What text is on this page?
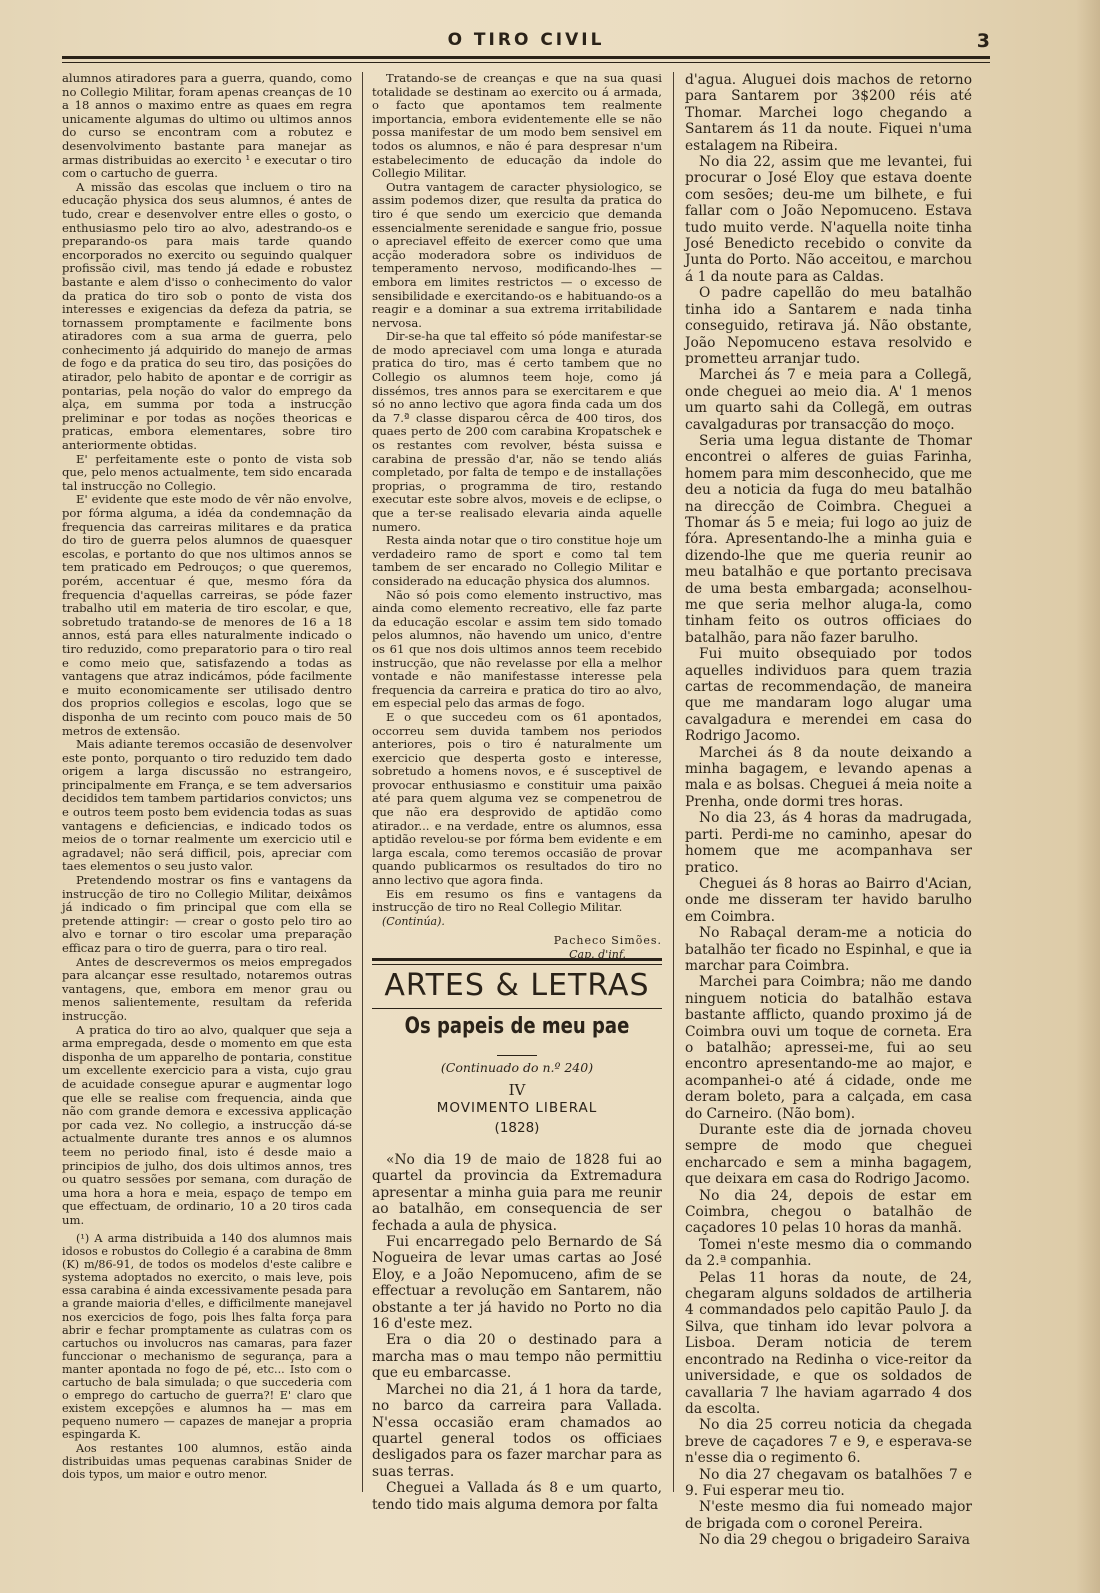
O TIRO CIVIL	3

alumnos atiradores para a guerra, quando, como no Collegio Militar, foram apenas creanças de 10 a 18 annos o maximo entre as quaes em regra unicamente algumas do ultimo ou ultimos annos do curso se encontram com a robutez e desenvolvimento bastante para manejar as armas distribuidas ao exercito ¹ e executar o tiro com o cartucho de guerra.

A missão das escolas que incluem o tiro na educação physica dos seus alumnos, é antes de tudo, crear e desenvolver entre elles o gosto, o enthusiasmo pelo tiro ao alvo, adestrando-os e preparando-os para mais tarde quando encorporados no exercito ou seguindo qualquer profissão civil, mas tendo já edade e robustez bastante e alem d'isso o conhecimento do valor da pratica do tiro sob o ponto de vista dos interesses e exigencias da defeza da patria, se tornassem promptamente e facilmente bons atiradores com a sua arma de guerra, pelo conhecimento já adquirido do manejo de armas de fogo e da pratica do seu tiro, das posições do atirador, pelo habito de apontar e de corrigir as pontarias, pela noção do valor do emprego da alça, em summa por toda a instrucção preliminar e por todas as noções theoricas e praticas, embora elementares, sobre tiro anteriormente obtidas.

E' perfeitamente este o ponto de vista sob que, pelo menos actualmente, tem sido encarada tal instrucção no Collegio.

E' evidente que este modo de vêr não envolve, por fórma alguma, a idéa da condemnação da frequencia das carreiras militares e da pratica do tiro de guerra pelos alumnos de quaesquer escolas, e portanto do que nos ultimos annos se tem praticado em Pedrouços; o que queremos, porém, accentuar é que, mesmo fóra da frequencia d'aquellas carreiras, se póde fazer trabalho util em materia de tiro escolar, e que, sobretudo tratando-se de menores de 16 a 18 annos, está para elles naturalmente indicado o tiro reduzido, como preparatorio para o tiro real e como meio que, satisfazendo a todas as vantagens que atraz indicámos, póde facilmente e muito economicamente ser utilisado dentro dos proprios collegios e escolas, logo que se disponha de um recinto com pouco mais de 50 metros de extensão.

Mais adiante teremos occasião de desenvolver este ponto, porquanto o tiro reduzido tem dado origem a larga discussão no estrangeiro, principalmente em França, e se tem adversarios decididos tem tambem partidarios convictos; uns e outros teem posto bem evidencia todas as suas vantagens e deficiencias, e indicado todos os meios de o tornar realmente um exercicio util e agradavel; não será difficil, pois, apreciar com taes elementos o seu justo valor.

Pretendendo mostrar os fins e vantagens da instrucção de tiro no Collegio Militar, deixâmos já indicado o fim principal que com ella se pretende attingir: — crear o gosto pelo tiro ao alvo e tornar o tiro escolar uma preparação efficaz para o tiro de guerra, para o tiro real.

Antes de descrevermos os meios empregados para alcançar esse resultado, notaremos outras vantagens, que, embora em menor grau ou menos salientemente, resultam da referida instrucção.

A pratica do tiro ao alvo, qualquer que seja a arma empregada, desde o momento em que esta disponha de um apparelho de pontaria, constitue um excellente exercicio para a vista, cujo grau de acuidade consegue apurar e augmentar logo que elle se realise com frequencia, ainda que não com grande demora e excessiva applicação por cada vez. No collegio, a instrucção dá-se actualmente durante tres annos e os alumnos teem no periodo final, isto é desde maio a principios de julho, dos dois ultimos annos, tres ou quatro sessões por semana, com duração de uma hora a hora e meia, espaço de tempo em que effectuam, de ordinario, 10 a 20 tiros cada um.

(¹) A arma distribuida a 140 dos alumnos mais idosos e robustos do Collegio é a carabina de 8mm (K) m/86-91, de todos os modelos d'este calibre e systema adoptados no exercito, o mais leve, pois essa carabina é ainda excessivamente pesada para a grande maioria d'elles, e difficilmente manejavel nos exercicios de fogo, pois lhes falta força para abrir e fechar promptamente as culatras com os cartuchos ou involucros nas camaras, para fazer funccionar o mechanismo de segurança, para a manter apontada no fogo de pé, etc... Isto com o cartucho de bala simulada; o que succederia com o emprego do cartucho de guerra?! E' claro que existem excepções e alumnos ha — mas em pequeno numero — capazes de manejar a propria espingarda K.

Aos restantes 100 alumnos, estão ainda distribuidas umas pequenas carabinas Snider de dois typos, um maior e outro menor.

Tratando-se de creanças e que na sua quasi totalidade se destinam ao exercito ou á armada, o facto que apontamos tem realmente importancia, embora evidentemente elle se não possa manifestar de um modo bem sensivel em todos os alumnos, e não é para despresar n'um estabelecimento de educação da indole do Collegio Militar.

Outra vantagem de caracter physiologico, se assim podemos dizer, que resulta da pratica do tiro é que sendo um exercicio que demanda essencialmente serenidade e sangue frio, possue o apreciavel effeito de exercer como que uma acção moderadora sobre os individuos de temperamento nervoso, modificando-lhes — embora em limites restrictos — o excesso de sensibilidade e exercitando-os e habituando-os a reagir e a dominar a sua extrema irritabilidade nervosa.

Dir-se-ha que tal effeito só póde manifestar-se de modo apreciavel com uma longa e aturada pratica do tiro, mas é certo tambem que no Collegio os alumnos teem hoje, como já dissémos, tres annos para se exercitarem e que só no anno lectivo que agora finda cada um dos da 7.ª classe disparou cêrca de 400 tiros, dos quaes perto de 200 com carabina Kropatschek e os restantes com revolver, bésta suissa e carabina de pressão d'ar, não se tendo aliás completado, por falta de tempo e de installações proprias, o programma de tiro, restando executar este sobre alvos, moveis e de eclipse, o que a ter-se realisado elevaria ainda aquelle numero.

Resta ainda notar que o tiro constitue hoje um verdadeiro ramo de sport e como tal tem tambem de ser encarado no Collegio Militar e considerado na educação physica dos alumnos.

Não só pois como elemento instructivo, mas ainda como elemento recreativo, elle faz parte da educação escolar e assim tem sido tomado pelos alumnos, não havendo um unico, d'entre os 61 que nos dois ultimos annos teem recebido instrucção, que não revelasse por ella a melhor vontade e não manifestasse interesse pela frequencia da carreira e pratica do tiro ao alvo, em especial pelo das armas de fogo.

E o que succedeu com os 61 apontados, occorreu sem duvida tambem nos periodos anteriores, pois o tiro é naturalmente um exercicio que desperta gosto e interesse, sobretudo a homens novos, e é susceptivel de provocar enthusiasmo e constituir uma paixão até para quem alguma vez se compenetrou de que não era desprovido de aptidão como atirador... e na verdade, entre os alumnos, essa aptidão revelou-se por fórma bem evidente e em larga escala, como teremos occasião de provar quando publicarmos os resultados do tiro no anno lectivo que agora finda.

Eis em resumo os fins e vantagens da instrucção de tiro no Real Collegio Militar.

(Continúa).
Pacheco Simões.
Cap. d'inf.
ARTES & LETRAS
Os papeis de meu pae
(Continuado do n.º 240)
IV
MOVIMENTO LIBERAL
(1828)

«No dia 19 de maio de 1828 fui ao quartel da provincia da Extremadura apresentar a minha guia para me reunir ao batalhão, em consequencia de ser fechada a aula de physica.

Fui encarregado pelo Bernardo de Sá Nogueira de levar umas cartas ao José Eloy, e a João Nepomuceno, afim de se effectuar a revolução em Santarem, não obstante a ter já havido no Porto no dia 16 d'este mez.

Era o dia 20 o destinado para a marcha mas o mau tempo não permittiu que eu embarcasse.

Marchei no dia 21, á 1 hora da tarde, no barco da carreira para Vallada. N'essa occasião eram chamados ao quartel general todos os officiaes desligados para os fazer marchar para as suas terras.

Cheguei a Vallada ás 8 e um quarto, tendo tido mais alguma demora por falta

d'agua. Aluguei dois machos de retorno para Santarem por 3$200 réis até Thomar. Marchei logo chegando a Santarem ás 11 da noute. Fiquei n'uma estalagem na Ribeira.

No dia 22, assim que me levantei, fui procurar o José Eloy que estava doente com sesões; deu-me um bilhete, e fui fallar com o João Nepomuceno. Estava tudo muito verde. N'aquella noite tinha José Benedicto recebido o convite da Junta do Porto. Não acceitou, e marchou á 1 da noute para as Caldas.

O padre capellão do meu batalhão tinha ido a Santarem e nada tinha conseguido, retirava já. Não obstante, João Nepomuceno estava resolvido e prometteu arranjar tudo.

Marchei ás 7 e meia para a Collegã, onde cheguei ao meio dia. A' 1 menos um quarto sahi da Collegã, em outras cavalgaduras por transacção do moço.

Seria uma legua distante de Thomar encontrei o alferes de guias Farinha, homem para mim desconhecido, que me deu a noticia da fuga do meu batalhão na direcção de Coimbra. Cheguei a Thomar ás 5 e meia; fui logo ao juiz de fóra. Apresentando-lhe a minha guia e dizendo-lhe que me queria reunir ao meu batalhão e que portanto precisava de uma besta embargada; aconselhou-me que seria melhor aluga-la, como tinham feito os outros officiaes do batalhão, para não fazer barulho.

Fui muito obsequiado por todos aquelles individuos para quem trazia cartas de recommendação, de maneira que me mandaram logo alugar uma cavalgadura e merendei em casa do Rodrigo Jacomo.

Marchei ás 8 da noute deixando a minha bagagem, e levando apenas a mala e as bolsas. Cheguei á meia noite a Prenha, onde dormi tres horas.

No dia 23, ás 4 horas da madrugada, parti. Perdi-me no caminho, apesar do homem que me acompanhava ser pratico.

Cheguei ás 8 horas ao Bairro d'Acian, onde me disseram ter havido barulho em Coimbra.

No Rabaçal deram-me a noticia do batalhão ter ficado no Espinhal, e que ia marchar para Coimbra.

Marchei para Coimbra; não me dando ninguem noticia do batalhão estava bastante afflicto, quando proximo já de Coimbra ouvi um toque de corneta. Era o batalhão; apressei-me, fui ao seu encontro apresentando-me ao major, e acompanhei-o até á cidade, onde me deram boleto, para a calçada, em casa do Carneiro. (Não bom).

Durante este dia de jornada choveu sempre de modo que cheguei encharcado e sem a minha bagagem, que deixara em casa do Rodrigo Jacomo.

No dia 24, depois de estar em Coimbra, chegou o batalhão de caçadores 10 pelas 10 horas da manhã.

Tomei n'este mesmo dia o commando da 2.ª companhia.

Pelas 11 horas da noute, de 24, chegaram alguns soldados de artilheria 4 commandados pelo capitão Paulo J. da Silva, que tinham ido levar polvora a Lisboa. Deram noticia de terem encontrado na Redinha o vice-reitor da universidade, e que os soldados de cavallaria 7 lhe haviam agarrado 4 dos da escolta.

No dia 25 correu noticia da chegada breve de caçadores 7 e 9, e esperava-se n'esse dia o regimento 6.

No dia 27 chegavam os batalhões 7 e 9. Fui esperar meu tio.

N'este mesmo dia fui nomeado major de brigada com o coronel Pereira.

No dia 29 chegou o brigadeiro Saraiva
